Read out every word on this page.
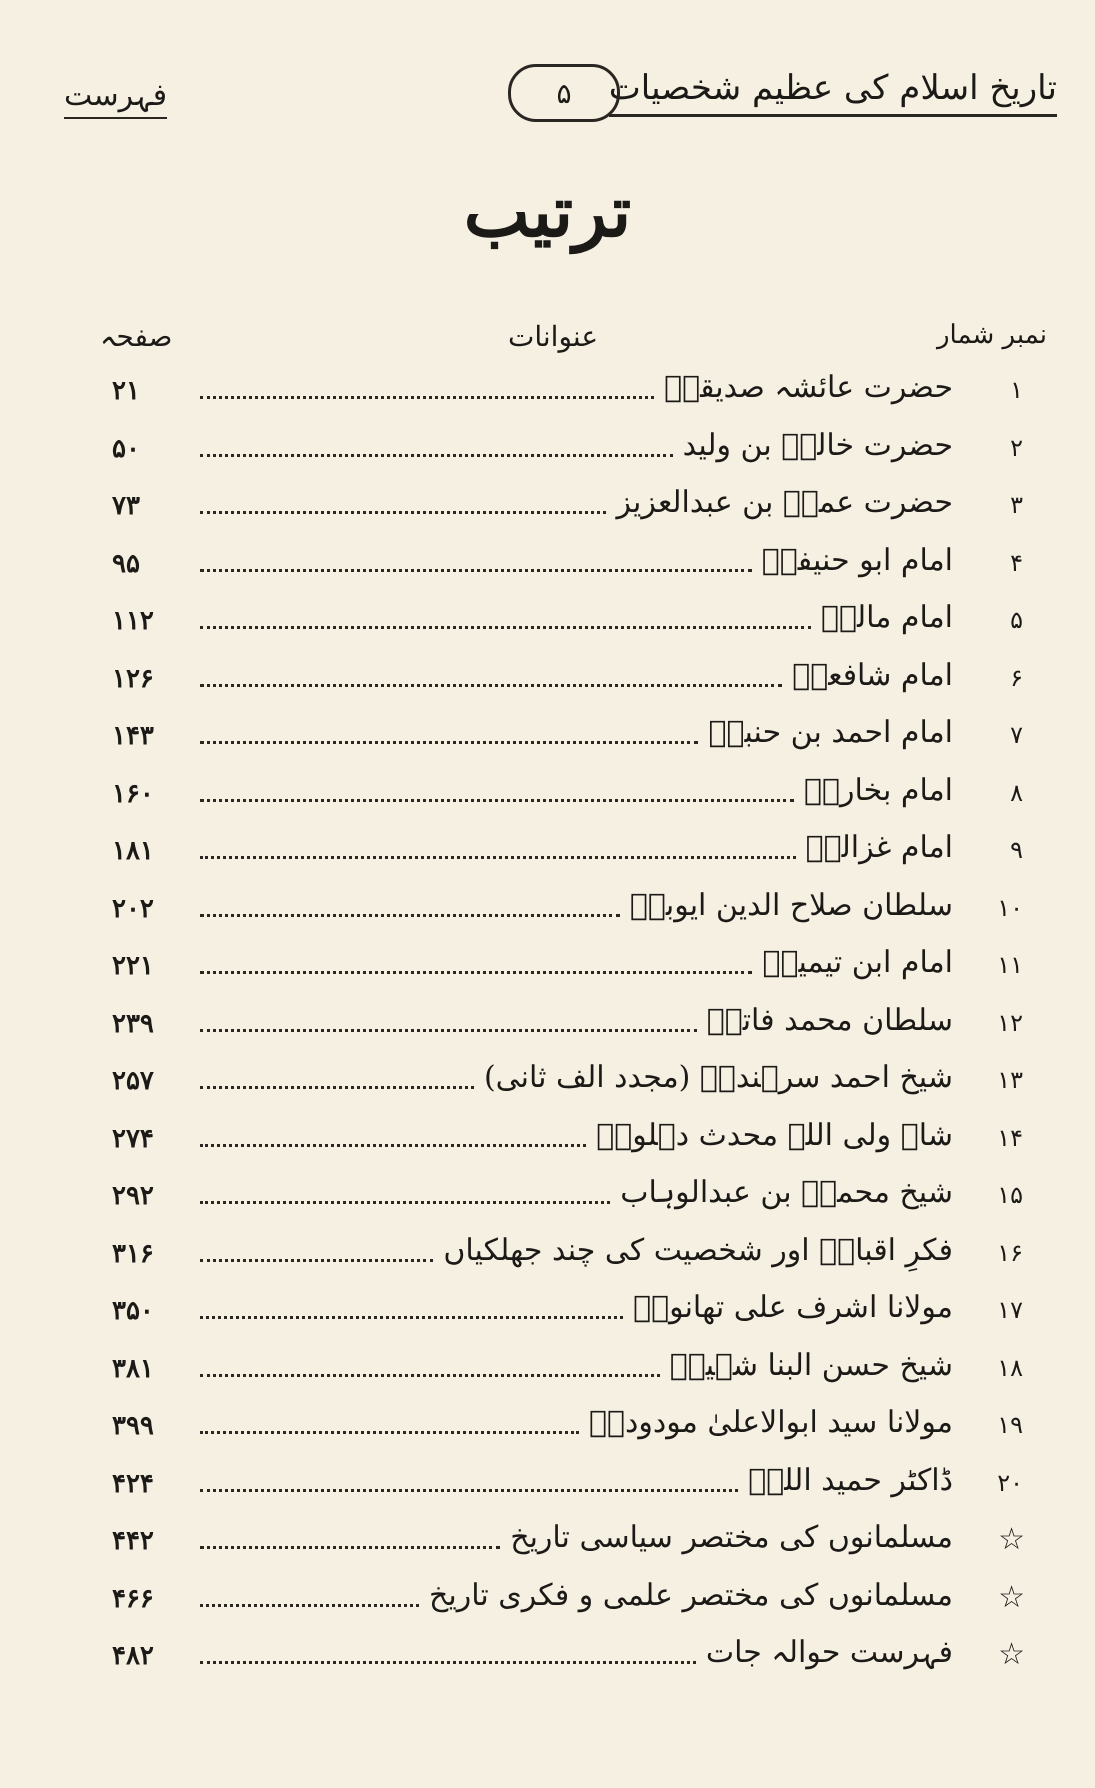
تاریخ اسلام کی عظیم شخصیات
۵
فہرست
ترتیب
نمبر شمار
عنوانات
صفحہ
۱
حضرت عائشہ صدیقہؓ
۲۱
۲
حضرت خالدؓ بن ولید
۵۰
۳
حضرت عمرؒ بن عبدالعزیز
۷۳
۴
امام ابو حنیفہؒ
۹۵
۵
امام مالکؒ
۱۱۲
۶
امام شافعیؒ
۱۲۶
۷
امام احمد بن حنبلؒ
۱۴۳
۸
امام بخاریؒ
۱۶۰
۹
امام غزالیؒ
۱۸۱
۱۰
سلطان صلاح الدین ایوبیؒ
۲۰۲
۱۱
امام ابن تیمیہؒ
۲۲۱
۱۲
سلطان محمد فاتحؒ
۲۳۹
۱۳
شیخ احمد سرہندیؒ (مجدد الف ثانی)
۲۵۷
۱۴
شاہ ولی اللہ محدث دہلویؒ
۲۷۴
۱۵
شیخ محمدؒ بن عبدالوہاب
۲۹۲
۱۶
فکرِ اقبالؒ اور شخصیت کی چند جھلکیاں
۳۱۶
۱۷
مولانا اشرف علی تھانویؒ
۳۵۰
۱۸
شیخ حسن البنا شہیدؒ
۳۸۱
۱۹
مولانا سید ابوالاعلیٰ مودودیؒ
۳۹۹
۲۰
ڈاکٹر حمید اللہؒ
۴۲۴
☆
مسلمانوں کی مختصر سیاسی تاریخ
۴۴۲
☆
مسلمانوں کی مختصر علمی و فکری تاریخ
۴۶۶
☆
فہرست حوالہ جات
۴۸۲
